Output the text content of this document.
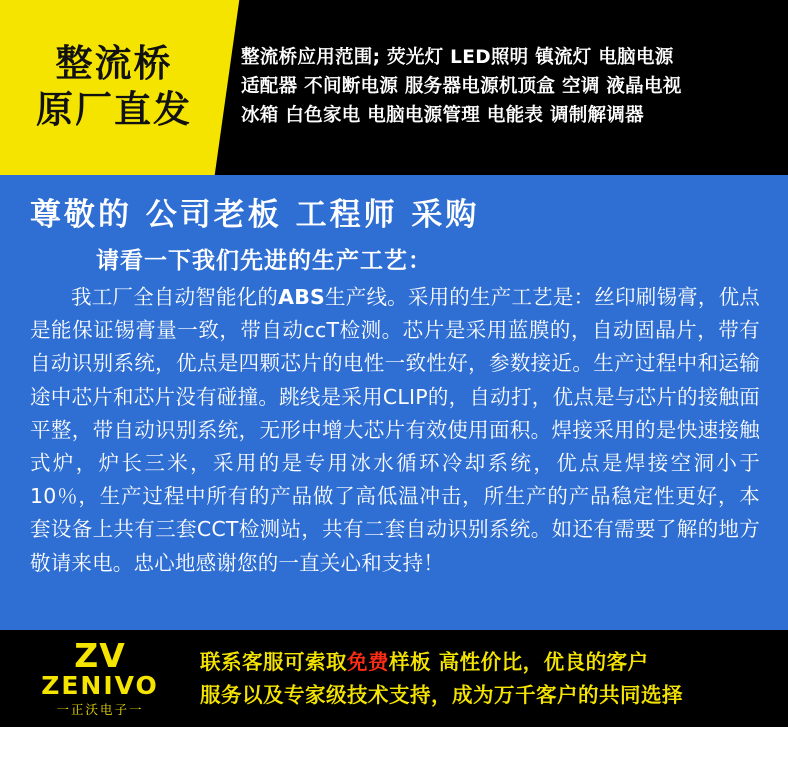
整流桥
原厂直发
整流桥应用范围; 荧光灯 LED照明 镇流灯 电脑电源
适配器 不间断电源 服务器电源机顶盒 空调 液晶电视
冰箱 白色家电 电脑电源管理 电能表 调制解调器
尊敬的 公司老板 工程师 采购
请看一下我们先进的生产工艺：
我工厂全自动智能化的ABS生产线。采用的生产工艺是：丝印刷锡膏，优点是能保证锡膏量一致，带自动ccT检测。芯片是采用蓝膜的，自动固晶片，带有自动识别系统，优点是四颗芯片的电性一致性好，参数接近。生产过程中和运输途中芯片和芯片没有碰撞。跳线是采用CLIP的，自动打，优点是与芯片的接触面平整，带自动识别系统，无形中增大芯片有效使用面积。焊接采用的是快速接触式炉，炉长三米，采用的是专用冰水循环冷却系统，优点是焊接空洞小于10％，生产过程中所有的产品做了高低温冲击，所生产的产品稳定性更好，本套设备上共有三套CCT检测站，共有二套自动识别系统。如还有需要了解的地方敬请来电。忠心地感谢您的一直关心和支持！
ZV
ZENIVO
一正沃电子一
联系客服可索取免费样板 高性价比，优良的客户
服务以及专家级技术支持，成为万千客户的共同选择
